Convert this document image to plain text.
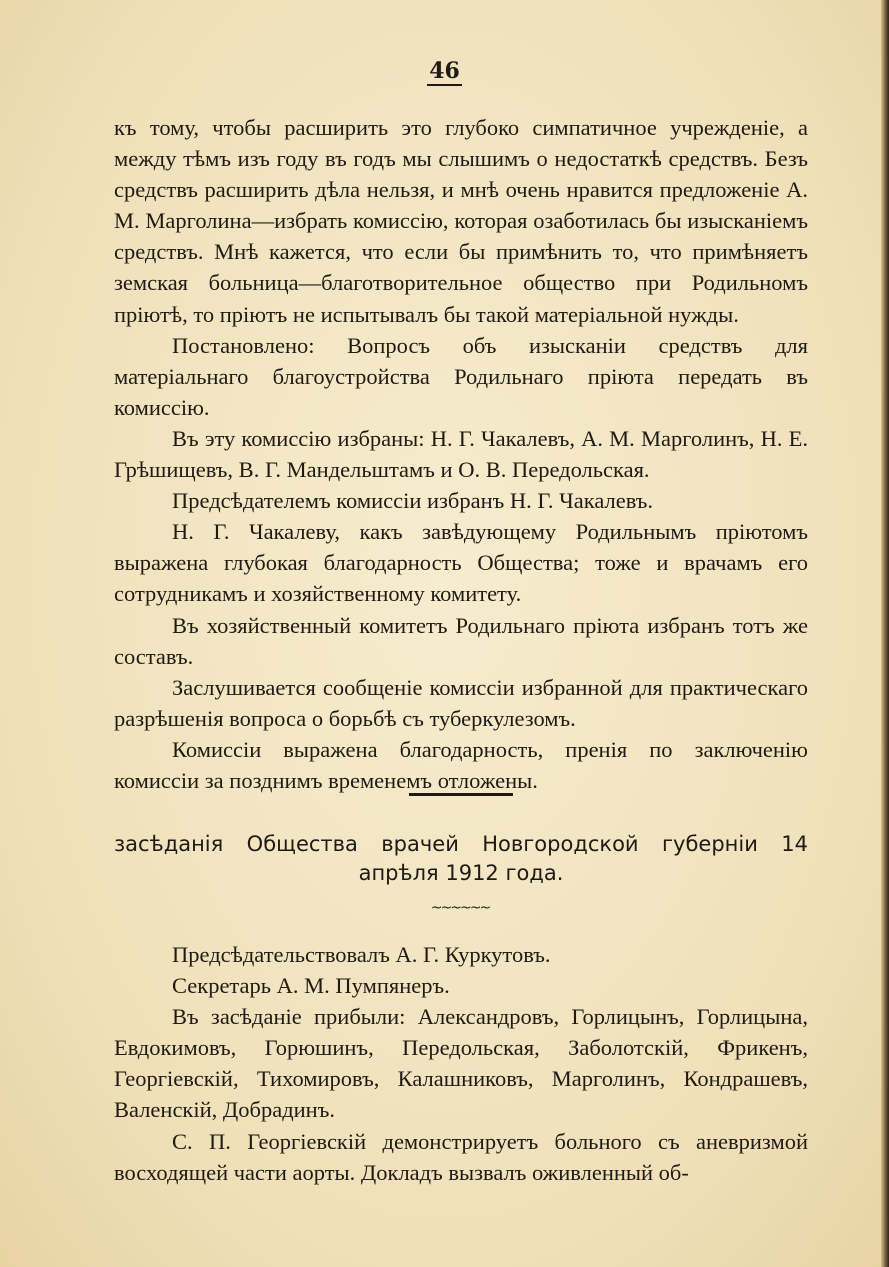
46

къ тому, чтобы расширить это глубоко симпатичное учрежденіе, а между тѣмъ изъ году въ годъ мы слышимъ о недостаткѣ средствъ. Безъ средствъ расширить дѣла нельзя, и мнѣ очень нравится предложеніе А. М. Марголина—избрать комиссію, которая озаботилась бы изысканіемъ средствъ. Мнѣ кажется, что если бы примѣнить то, что примѣняетъ земская больница—благотворительное общество при Родильномъ пріютѣ, то пріютъ не испытывалъ бы такой матеріальной нужды.

Постановлено: Вопросъ объ изысканіи средствъ для матеріальнаго благоустройства Родильнаго пріюта передать въ комиссію.

Въ эту комиссію избраны: Н. Г. Чакалевъ, А. М. Марголинъ, Н. Е. Грѣшищевъ, В. Г. Мандельштамъ и О. В. Передольская.

Предсѣдателемъ комиссіи избранъ Н. Г. Чакалевъ.

Н. Г. Чакалеву, какъ завѣдующему Родильнымъ пріютомъ выражена глубокая благодарность Общества; тоже и врачамъ его сотрудникамъ и хозяйственному комитету.

Въ хозяйственный комитетъ Родильнаго пріюта избранъ тотъ же составъ.

Заслушивается сообщеніе комиссіи избранной для практическаго разрѣшенія вопроса о борьбѣ съ туберкулезомъ.

Комиссіи выражена благодарность, пренія по заключенію комиссіи за позднимъ временемъ отложены.

засѣданія Общества врачей Новгородской губерніи 14 апрѣля 1912 года.
~~~~~~

Предсѣдательствовалъ А. Г. Куркутовъ.

Секретарь А. М. Пумпянеръ.

Въ засѣданіе прибыли: Александровъ, Горлицынъ, Горлицына, Евдокимовъ, Горюшинъ, Передольская, Заболотскій, Фрикенъ, Георгіевскій, Тихомировъ, Калашниковъ, Марголинъ, Кондрашевъ, Валенскій, Добрадинъ.

С. П. Георгіевскій демонстрируетъ больного съ аневризмой восходящей части аорты. Докладъ вызвалъ оживленный об-
